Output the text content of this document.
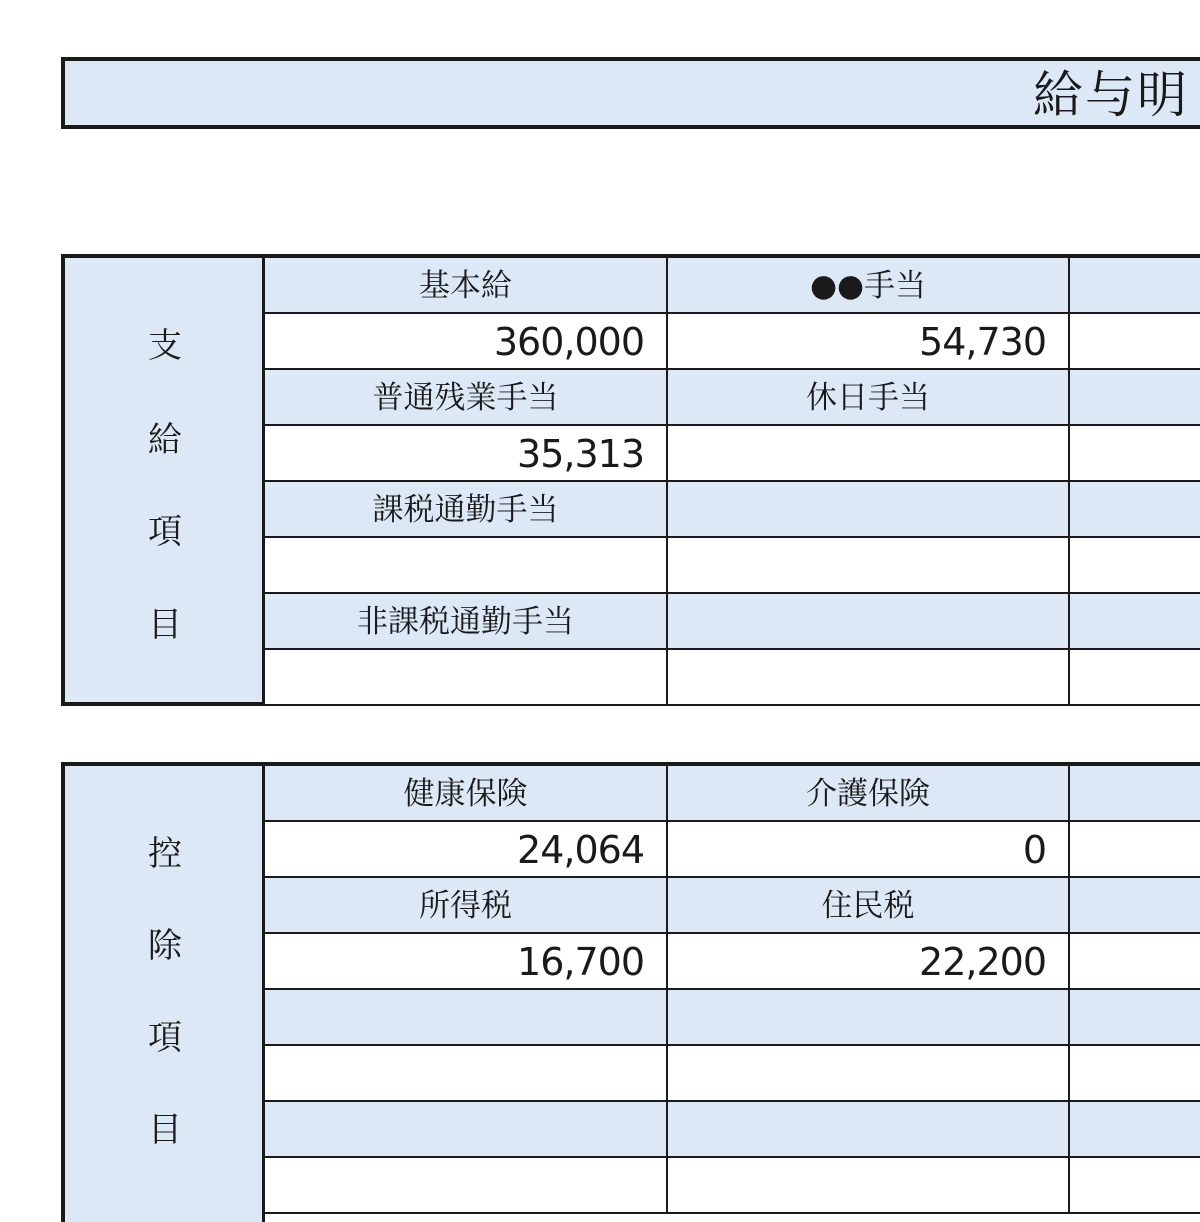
給与明
支
給
項
目
基本給	●●手当
360,000	54,730
普通残業手当	休日手当
35,313
課税通勤手当
非課税通勤手当
控
除
項
目
健康保険	介護保険
24,064	0
所得税	住民税
16,700	22,200
